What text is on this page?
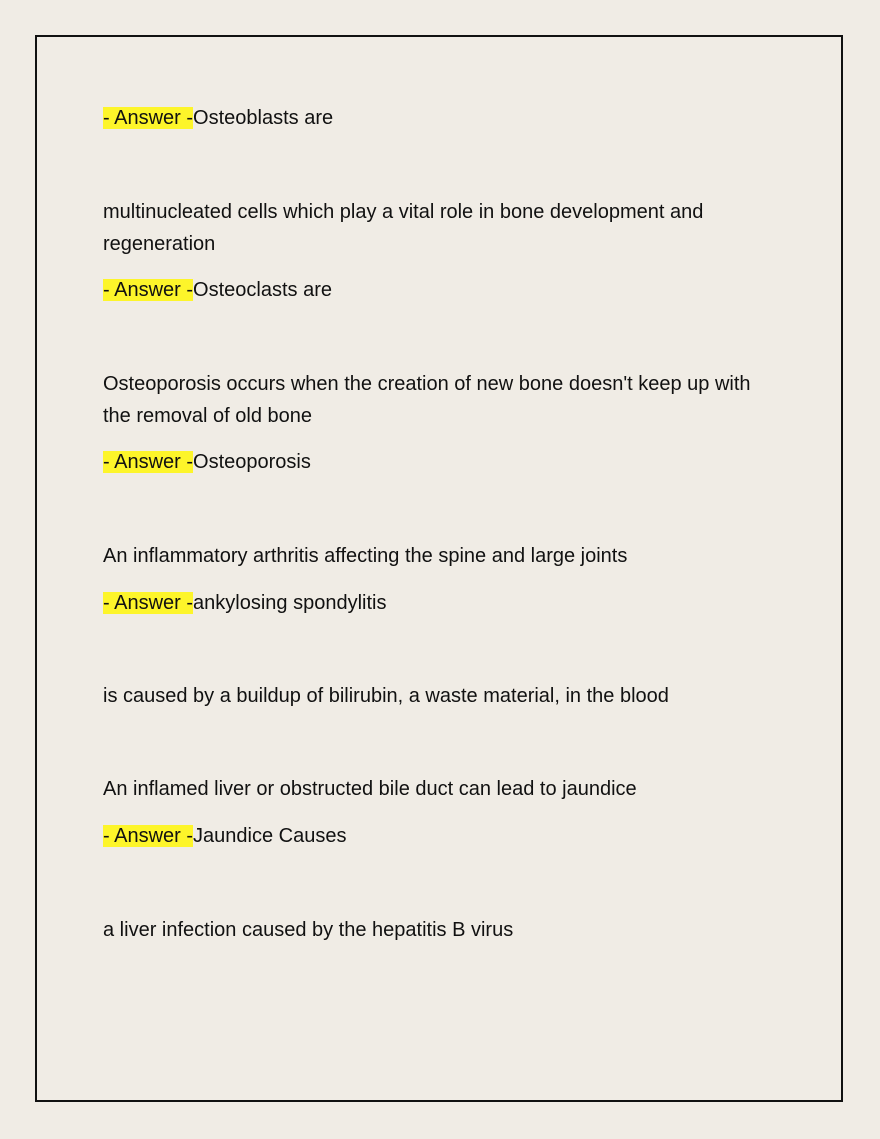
- Answer -Osteoblasts are

multinucleated cells which play a vital role in bone development and regeneration

- Answer -Osteoclasts are

Osteoporosis occurs when the creation of new bone doesn't keep up with the removal of old bone

- Answer -Osteoporosis

An inflammatory arthritis affecting the spine and large joints

- Answer -ankylosing spondylitis

is caused by a buildup of bilirubin, a waste material, in the blood

An inflamed liver or obstructed bile duct can lead to jaundice

- Answer -Jaundice Causes

a liver infection caused by the hepatitis B virus
